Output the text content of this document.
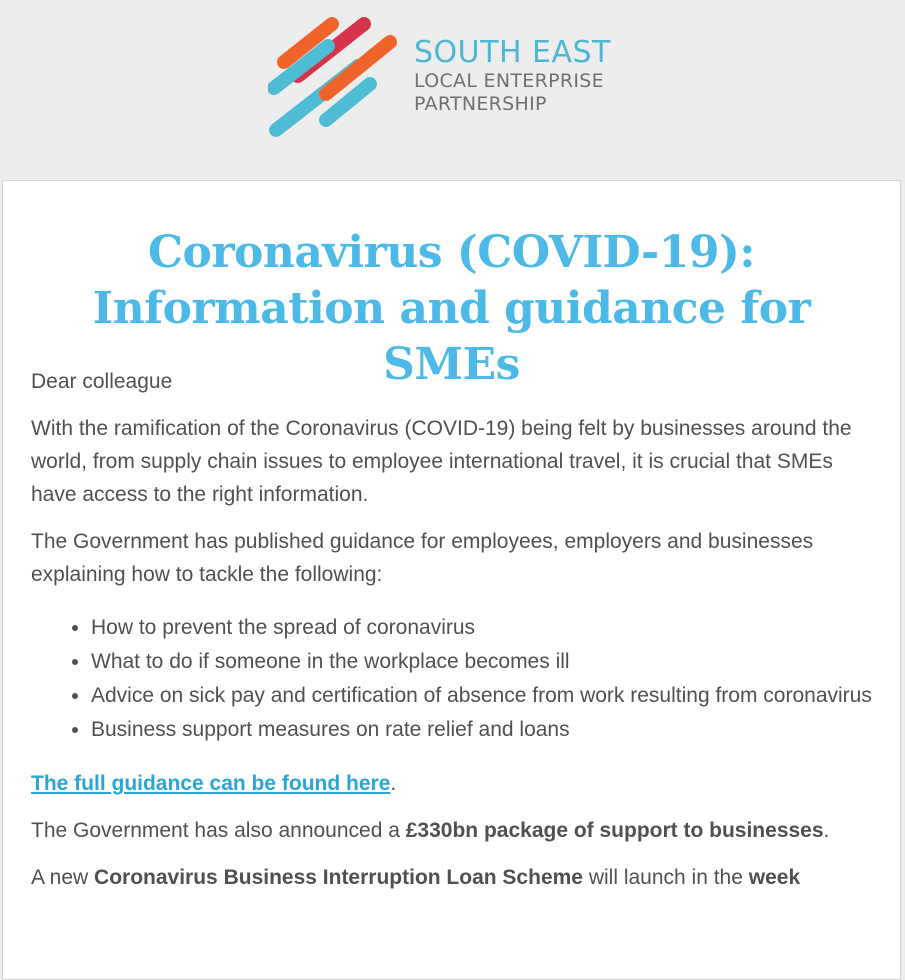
SOUTH EAST
LOCAL ENTERPRISE
PARTNERSHIP
Coronavirus (COVID-19): Information and guidance for SMEs

Dear colleague

With the ramification of the Coronavirus (COVID-19) being felt by businesses around the world, from supply chain issues to employee international travel, it is crucial that SMEs have access to the right information.

The Government has published guidance for employees, employers and businesses explaining how to tackle the following:

• How to prevent the spread of coronavirus
• What to do if someone in the workplace becomes ill
• Advice on sick pay and certification of absence from work resulting from coronavirus
• Business support measures on rate relief and loans

The full guidance can be found here.

The Government has also announced a £330bn package of support to businesses.

A new Coronavirus Business Interruption Loan Scheme will launch in the week
